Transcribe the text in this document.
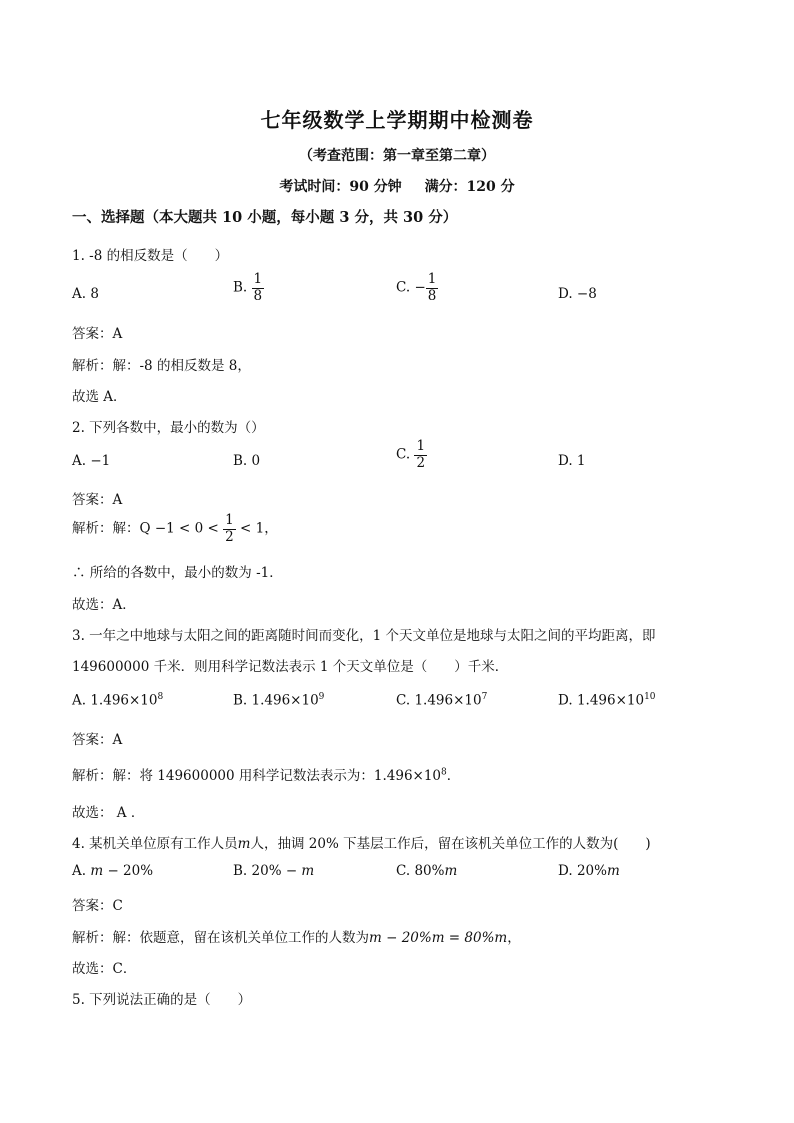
七年级数学上学期期中检测卷
（考查范围：第一章至第二章）
考试时间：90 分钟 满分：120 分
一、选择题（本大题共 10 小题，每小题 3 分，共 30 分）
1. -8 的相反数是（　　）
A. 8	B. $\frac{1}{8}$	C. − $\frac{1}{8}$	D. −8
答案：A
解析：解：-8 的相反数是 8，
故选 A．
2. 下列各数中，最小的数为（）
A. −1	B. 0	C. $\frac{1}{2}$	D. 1
答案：A
解析：解：$Q -1 < 0 < \frac{1}{2} < 1$，
∴ 所给的各数中，最小的数为 -1．
故选：A．
3. 一年之中地球与太阳之间的距离随时间而变化，1 个天文单位是地球与太阳之间的平均距离，即
149600000 千米．则用科学记数法表示 1 个天文单位是（　　）千米．
A. $1.496\times 10^8$	B. $1.496\times 10^9$	C. $1.496\times 10^7$	D. $1.496\times 10^{10}$
答案：A
解析：解：将 149600000 用科学记数法表示为：$1.496\times 10^8$．
故选： A ．
4. 某机关单位原有工作人员m人，抽调 20% 下基层工作后，留在该机关单位工作的人数为(　　)
A. m − 20%	B. 20% − m	C. 80%m	D. 20%m
答案：C
解析：解：依题意，留在该机关单位工作的人数为m − 20%m = 80%m，
故选：C．
5. 下列说法正确的是（　　）
